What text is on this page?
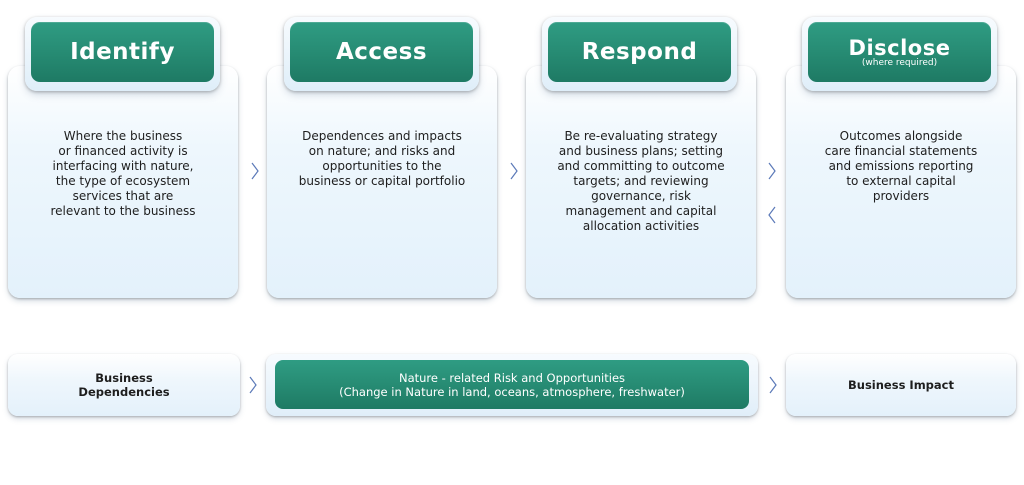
Where the business
or financed activity is
interfacing with nature,
the type of ecosystem
services that are
relevant to the business
Identify
Dependences and impacts
on nature; and risks and
opportunities to the
business or capital portfolio
Access
Be re-evaluating strategy
and business plans; setting
and committing to outcome
targets; and reviewing
governance, risk
management and capital
allocation activities
Respond
Outcomes alongside
care financial statements
and emissions reporting
to external capital
providers
Disclose
(where required)
Business
Dependencies
Nature - related Risk and Opportunities
(Change in Nature in land, oceans, atmosphere, freshwater)	Business Impact
